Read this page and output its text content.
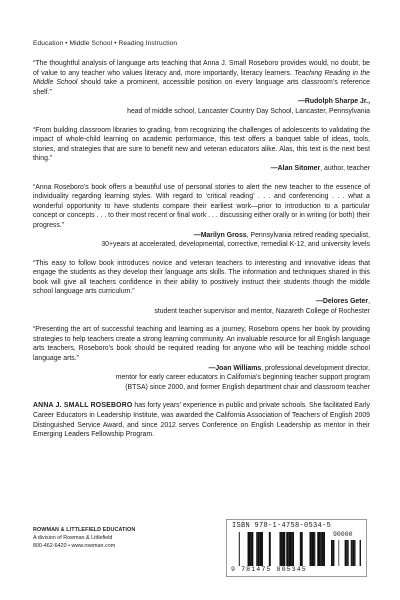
Education • Middle School • Reading Instruction

“The thoughtful analysis of language arts teaching that Anna J. Small Roseboro provides would, no doubt, be of value to any teacher who values literacy and, more importantly, literacy learners. Teaching Reading in the Middle School should take a prominent, accessible position on every language arts classroom’s reference shelf.”

—Rudolph Sharpe Jr.,

head of middle school, Lancaster Country Day School, Lancaster, Pennsylvania

“From building classroom libraries to grading, from recognizing the challenges of adolescents to validating the impact of whole-child learning on academic performance, this text offers a banquet table of ideas, tools, stories, and strategies that are sure to benefit new and veteran educators alike. Alas, this text is the next best thing.”

—Alan Sitomer, author, teacher

“Anna Roseboro’s book offers a beautiful use of personal stories to alert the new teacher to the essence of individuality regarding learning styles. With regard to ‘critical reading’ . . . and conferencing . . . what a wonderful opportunity to have students compare their earliest work—prior to introduction to a particular concept or concepts . . . to their most recent or final work . . . discussing either orally or in writing (or both) their progress.”

—Marilyn Gross, Pennsylvania retired reading specialist,

30+years at accelerated, developmental, corrective, remedial K-12, and university levels

“This easy to follow book introduces novice and veteran teachers to interesting and innovative ideas that engage the students as they develop their language arts skills. The information and techniques shared in this book will give all teachers confidence in their ability to positively instruct their students though the middle school language arts curriculum.”

—Delores Geter,

student teacher supervisor and mentor, Nazareth College of Rochester

“Presenting the art of successful teaching and learning as a journey, Roseboro opens her book by providing strategies to help teachers create a strong learning community. An invaluable resource for all English language arts teachers, Roseboro’s book should be required reading for anyone who will be teaching middle school language arts.”

—Joan Williams, professional development director,

mentor for early career educators in California’s beginning teacher support program

(BTSA) since 2000, and former English department chair and classroom teacher

ANNA J. SMALL ROSEBORO has forty years’ experience in public and private schools. She facilitated Early Career Educators in Leadership Institute, was awarded the California Association of Teachers of English 2009 Distinguished Service Award, and since 2012 serves Conference on English Leadership as mentor in their Emerging Leaders Fellowship Program.

ROWMAN & LITTLEFIELD EDUCATION
A division of Rowman & Littlefield
800-462-6420 • www.rowman.com
ISBN 978-1-4758-0534-5
90000
9 781475 805345
